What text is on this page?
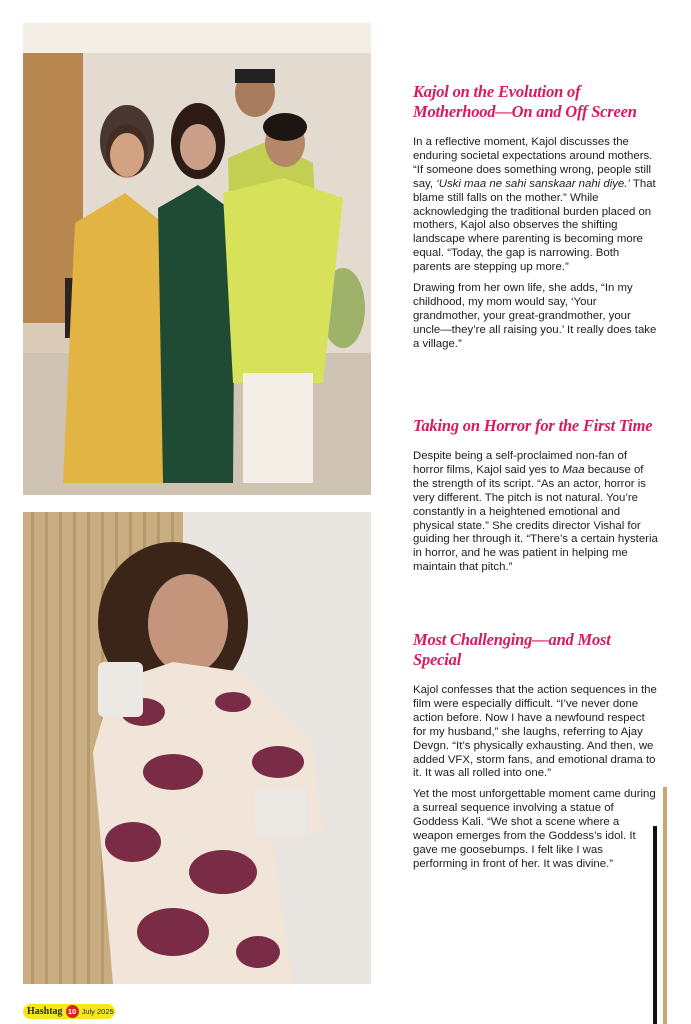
Kajol on the Evolution of Motherhood—On and Off Screen

In a reflective moment, Kajol discusses the enduring societal expectations around mothers. “If someone does something wrong, people still say, ‘Uski maa ne sahi sanskaar nahi diye.’ That blame still falls on the mother.” While acknowledging the traditional burden placed on mothers, Kajol also observes the shifting landscape where parenting is becoming more equal. “Today, the gap is narrowing. Both parents are stepping up more.”

Drawing from her own life, she adds, “In my childhood, my mom would say, ‘Your grandmother, your great-grandmother, your uncle—they’re all raising you.’ It really does take a village.”

Taking on Horror for the First Time

Despite being a self-proclaimed non-fan of horror films, Kajol said yes to Maa because of the strength of its script. “As an actor, horror is very different. The pitch is not natural. You’re constantly in a heightened emotional and physical state.” She credits director Vishal for guiding her through it. “There’s a certain hysteria in horror, and he was patient in helping me maintain that pitch.”

Most Challenging—and Most Special

Kajol confesses that the action sequences in the film were especially difficult. “I’ve never done action before. Now I have a newfound respect for my husband,” she laughs, referring to Ajay Devgn. “It’s physically exhausting. And then, we added VFX, storm fans, and emotional drama to it. It was all rolled into one.”

Yet the most unforgettable moment came during a surreal sequence involving a statue of Goddess Kali. “We shot a scene where a weapon emerges from the Goddess’s idol. It gave me goosebumps. I felt like I was performing in front of her. It was divine.”

Hashtag 10 July 2025
